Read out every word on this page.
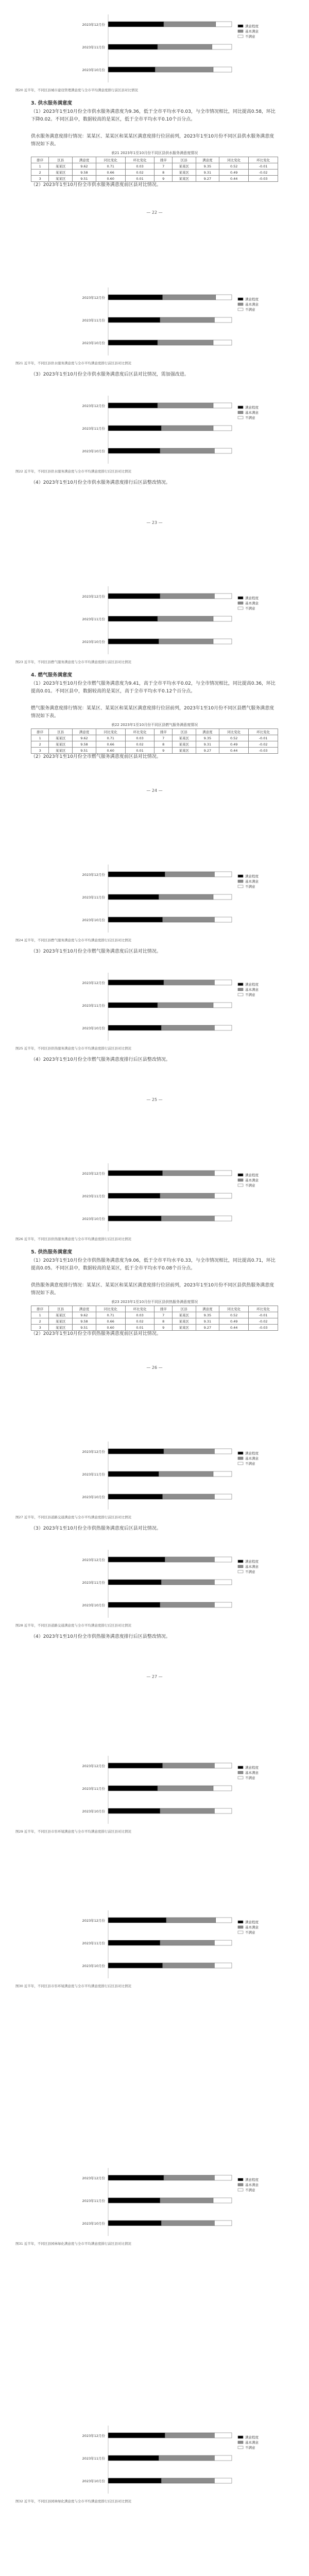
2023年12月份
2023年11月份
2023年10月份
满意程度
基本满意
不满意
图20 近半年，不同区县城市建设管理满意度与全市平均满意度排行前区县对比情况
3. 供水服务满意度
（1）2023年1至10月份全市供水服务满意度为9.36，低于全市平均水平0.03，与全市情况相比，同比提高0.58，环比下降0.02。不同区县中，数据较高的是某区，低于全市平均水平0.10个百分点。
供水服务满意度排行情况：某某区、某某区和某某区满意度排行位居前列，2023年1至10月份不同区县供水服务满意度情况如下表。
表21 2023年1至10月份不同区县供水服务满意度情况
排序	区县	满意度	同比变化	环比变化	排序	区县	满意度	同比变化	环比变化
1	某某区	9.62	0.71	0.03	7	某某区	9.35	0.52	-0.01
2	某某区	9.58	0.66	0.02	8	某某区	9.31	0.49	-0.02
3	某某区	9.51	0.60	0.01	9	某某区	9.27	0.44	-0.03
（2）2023年1至10月份全市供水服务满意度前区县对比情况。
— 22 —
2023年12月份
2023年11月份
2023年10月份
满意程度
基本满意
不满意
图21 近半年，不同区县供水服务满意度与全市平均满意度排行前区县对比情况
（3）2023年1至10月份全市供水服务满意度后区县对比情况，需加强改进。
2023年12月份
2023年11月份
2023年10月份
满意程度
基本满意
不满意
图22 近半年，不同区县供水服务满意度与全市平均满意度排行后区县对比情况
（4）2023年1至10月份全市供水服务满意度排行后区县整改情况。
— 23 —
2023年12月份
2023年11月份
2023年10月份
满意程度
基本满意
不满意
图23 近半年，不同区县燃气服务满意度与全市平均满意度排行前区县对比情况
4. 燃气服务满意度
（1）2023年1至10月份全市燃气服务满意度为9.41，高于全市平均水平0.02，与全市情况相比，同比提高0.36，环比提高0.01。不同区县中，数据较高的是某区，高于全市平均水平0.12个百分点。
燃气服务满意度排行情况：某某区、某某区和某某区满意度排行位居前列，2023年1至10月份不同区县燃气服务满意度情况如下表。
表22 2023年1至10月份不同区县燃气服务满意度情况
排序	区县	满意度	同比变化	环比变化	排序	区县	满意度	同比变化	环比变化
1	某某区	9.62	0.71	0.03	7	某某区	9.35	0.52	-0.01
2	某某区	9.58	0.66	0.02	8	某某区	9.31	0.49	-0.02
3	某某区	9.51	0.60	0.01	9	某某区	9.27	0.44	-0.03
（2）2023年1至10月份全市燃气服务满意度前区县对比情况。
— 24 —
2023年12月份
2023年11月份
2023年10月份
满意程度
基本满意
不满意
图24 近半年，不同区县燃气服务满意度与全市平均满意度排行后区县对比情况
（3）2023年1至10月份全市燃气服务满意度后区县对比情况。
2023年12月份
2023年11月份
2023年10月份
满意程度
基本满意
不满意
图25 近半年，不同区县供热服务满意度与全市平均满意度排行前区县对比情况
（4）2023年1至10月份全市燃气服务满意度排行后区县整改情况。
— 25 —
2023年12月份
2023年11月份
2023年10月份
满意程度
基本满意
不满意
图26 近半年，不同区县供热服务满意度与全市平均满意度排行后区县对比情况
5. 供热服务满意度
（1）2023年1至10月份全市供热服务满意度为9.06，低于全市平均水平0.33，与全市情况相比，同比提高0.71，环比提高0.05。不同区县中，数据较高的是某区，低于全市平均水平0.08个百分点。
供热服务满意度排行情况：某某区、某某区和某某区满意度排行位居前列，2023年1至10月份不同区县供热服务满意度情况如下表。
表23 2023年1至10月份不同区县供热服务满意度情况
排序	区县	满意度	同比变化	环比变化	排序	区县	满意度	同比变化	环比变化
1	某某区	9.62	0.71	0.03	7	某某区	9.35	0.52	-0.01
2	某某区	9.58	0.66	0.02	8	某某区	9.31	0.49	-0.02
3	某某区	9.51	0.60	0.01	9	某某区	9.27	0.44	-0.03
（2）2023年1至10月份全市供热服务满意度前区县对比情况。
— 26 —
2023年12月份
2023年11月份
2023年10月份
满意程度
基本满意
不满意
图27 近半年，不同区县道路交通满意度与全市平均满意度排行前区县对比情况
（3）2023年1至10月份全市供热服务满意度后区县对比情况。
2023年12月份
2023年11月份
2023年10月份
满意程度
基本满意
不满意
图28 近半年，不同区县道路交通满意度与全市平均满意度排行后区县对比情况
（4）2023年1至10月份全市供热服务满意度排行后区县整改情况。
— 27 —
2023年12月份
2023年11月份
2023年10月份
满意程度
基本满意
不满意
图29 近半年，不同区县市容环境满意度与全市平均满意度排行前区县对比情况
2023年12月份
2023年11月份
2023年10月份
满意程度
基本满意
不满意
图30 近半年，不同区县市容环境满意度与全市平均满意度排行后区县对比情况
2023年12月份
2023年11月份
2023年10月份
满意程度
基本满意
不满意
图31 近半年，不同区县园林绿化满意度与全市平均满意度排行前区县对比情况
2023年12月份
2023年11月份
2023年10月份
满意程度
基本满意
不满意
图32 近半年，不同区县园林绿化满意度与全市平均满意度排行后区县对比情况
